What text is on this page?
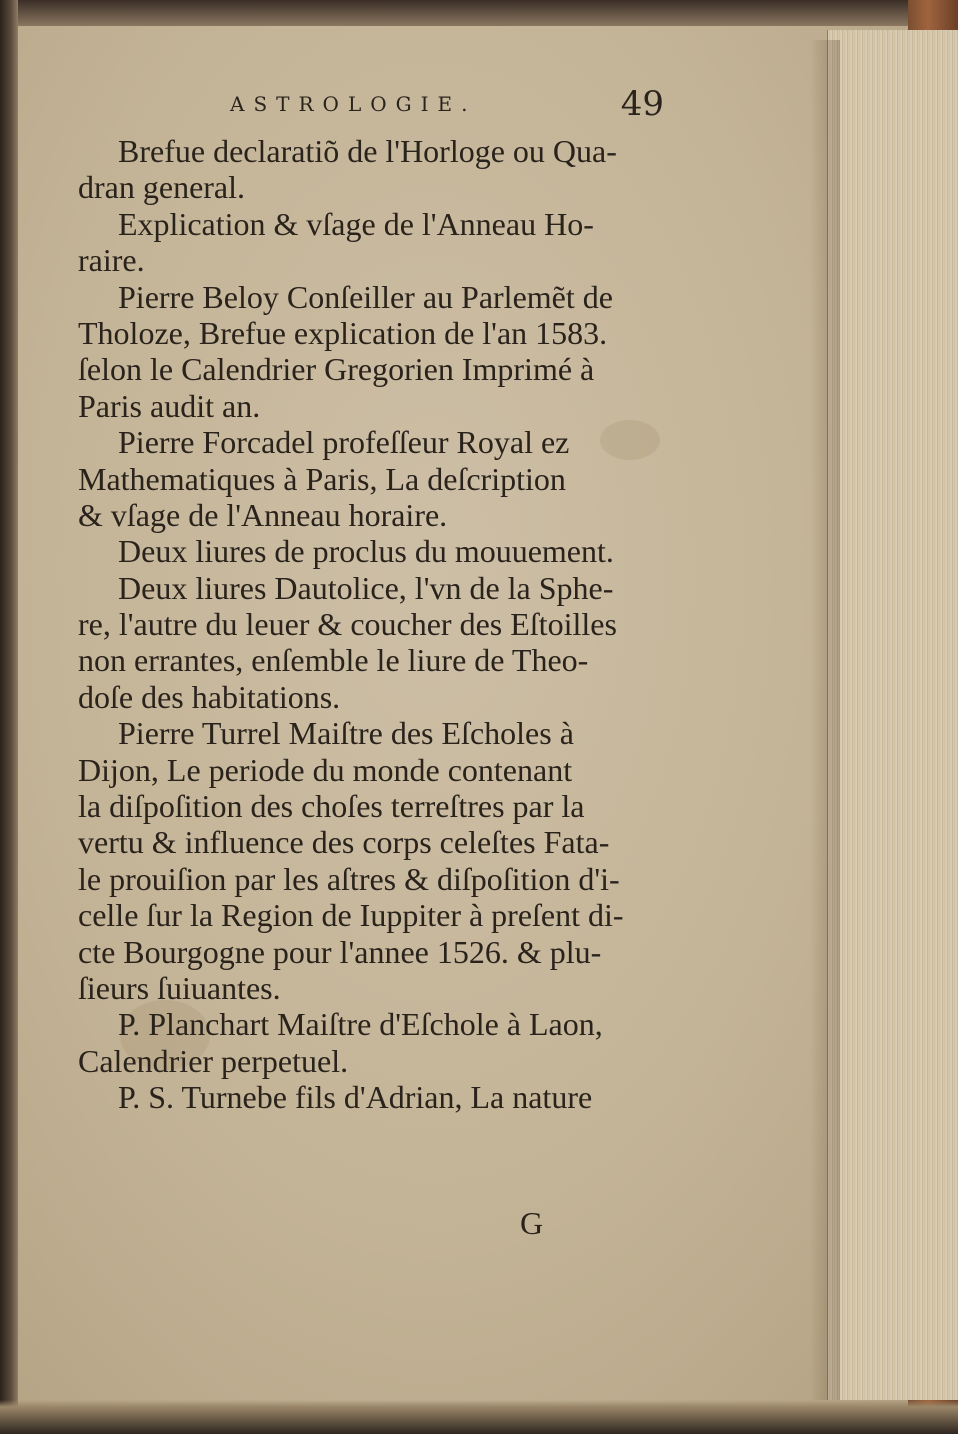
ASTROLOGIE.	49
Brefue declaratiõ de l'Horloge ou Qua-
dran general.
Explication & vſage de l'Anneau Ho-
raire.
Pierre Beloy Conſeiller au Parlemẽt de
Tholoze, Brefue explication de l'an 1583.
ſelon le Calendrier Gregorien Imprimé à
Paris audit an.
Pierre Forcadel profeſſeur Royal ez
Mathematiques à Paris, La deſcription
& vſage de l'Anneau horaire.
Deux liures de proclus du mouuement.
Deux liures Dautolice, l'vn de la Sphe-
re, l'autre du leuer & coucher des Eſtoilles
non errantes, enſemble le liure de Theo-
doſe des habitations.
Pierre Turrel Maiſtre des Eſcholes à
Dijon, Le periode du monde contenant
la diſpoſition des choſes terreſtres par la
vertu & influence des corps celeſtes Fata-
le prouiſion par les aſtres & diſpoſition d'i-
celle ſur la Region de Iuppiter à preſent di-
cte Bourgogne pour l'annee 1526. & plu-
ſieurs ſuiuantes.
P. Planchart Maiſtre d'Eſchole à Laon,
Calendrier perpetuel.
P. S. Turnebe fils d'Adrian, La nature
G
